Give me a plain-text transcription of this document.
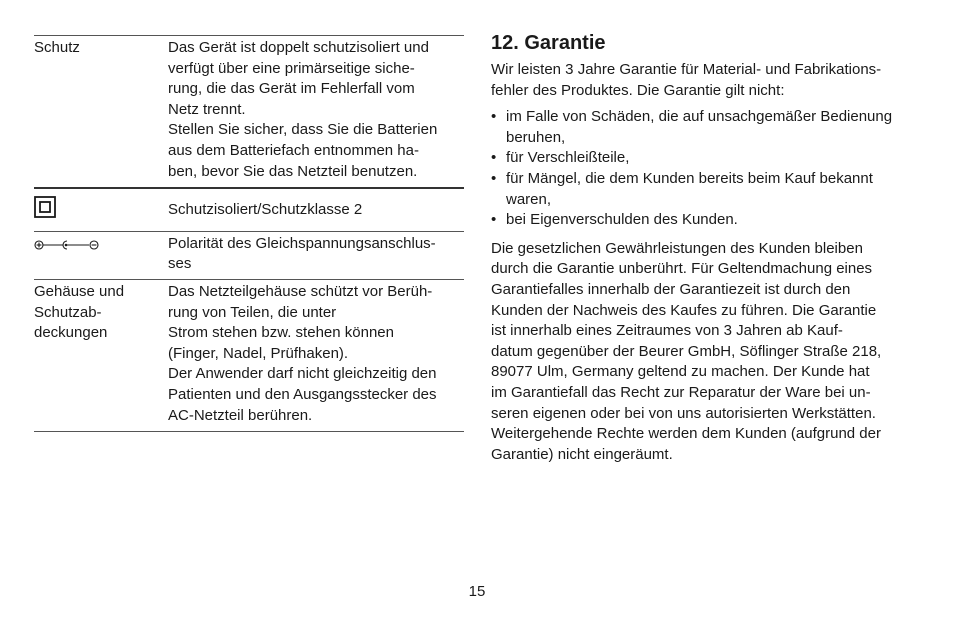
Schutz	Das Gerät ist doppelt schutzisoliert und
verfügt über eine primärseitige siche-
rung, die das Gerät im Fehlerfall vom
Netz trennt.
Stellen Sie sicher, dass Sie die Batterien
aus dem Batteriefach entnommen ha-
ben, bevor Sie das Netzteil benutzen.
Schutzisoliert/Schutzklasse 2
Polarität des Gleichspannungsanschlus-
ses
Gehäuse und
Schutzab-
deckungen
Das Netzteilgehäuse schützt vor Berüh-
rung von Teilen, die unter
Strom stehen bzw. stehen können
(Finger, Nadel, Prüfhaken).
Der Anwender darf nicht gleichzeitig den
Patienten und den Ausgangsstecker des
AC-Netzteil berühren.
12. Garantie

Wir leisten 3 Jahre Garantie für Material- und Fabrikations-
fehler des Produktes. Die Garantie gilt nicht:

• im Falle von Schäden, die auf unsachgemäßer Bedienung
beruhen,
• für Verschleißteile,
• für Mängel, die dem Kunden bereits beim Kauf bekannt
waren,
• bei Eigenverschulden des Kunden.

Die gesetzlichen Gewährleistungen des Kunden bleiben
durch die Garantie unberührt. Für Geltendmachung eines
Garantiefalles innerhalb der Garantiezeit ist durch den
Kunden der Nachweis des Kaufes zu führen. Die Garantie
ist innerhalb eines Zeitraumes von 3 Jahren ab Kauf-
datum gegenüber der Beurer GmbH, Söflinger Straße 218,
89077 Ulm, Germany geltend zu machen. Der Kunde hat
im Garantiefall das Recht zur Reparatur der Ware bei un-
seren eigenen oder bei von uns autorisierten Werkstätten.
Weitergehende Rechte werden dem Kunden (aufgrund der
Garantie) nicht eingeräumt.

15
